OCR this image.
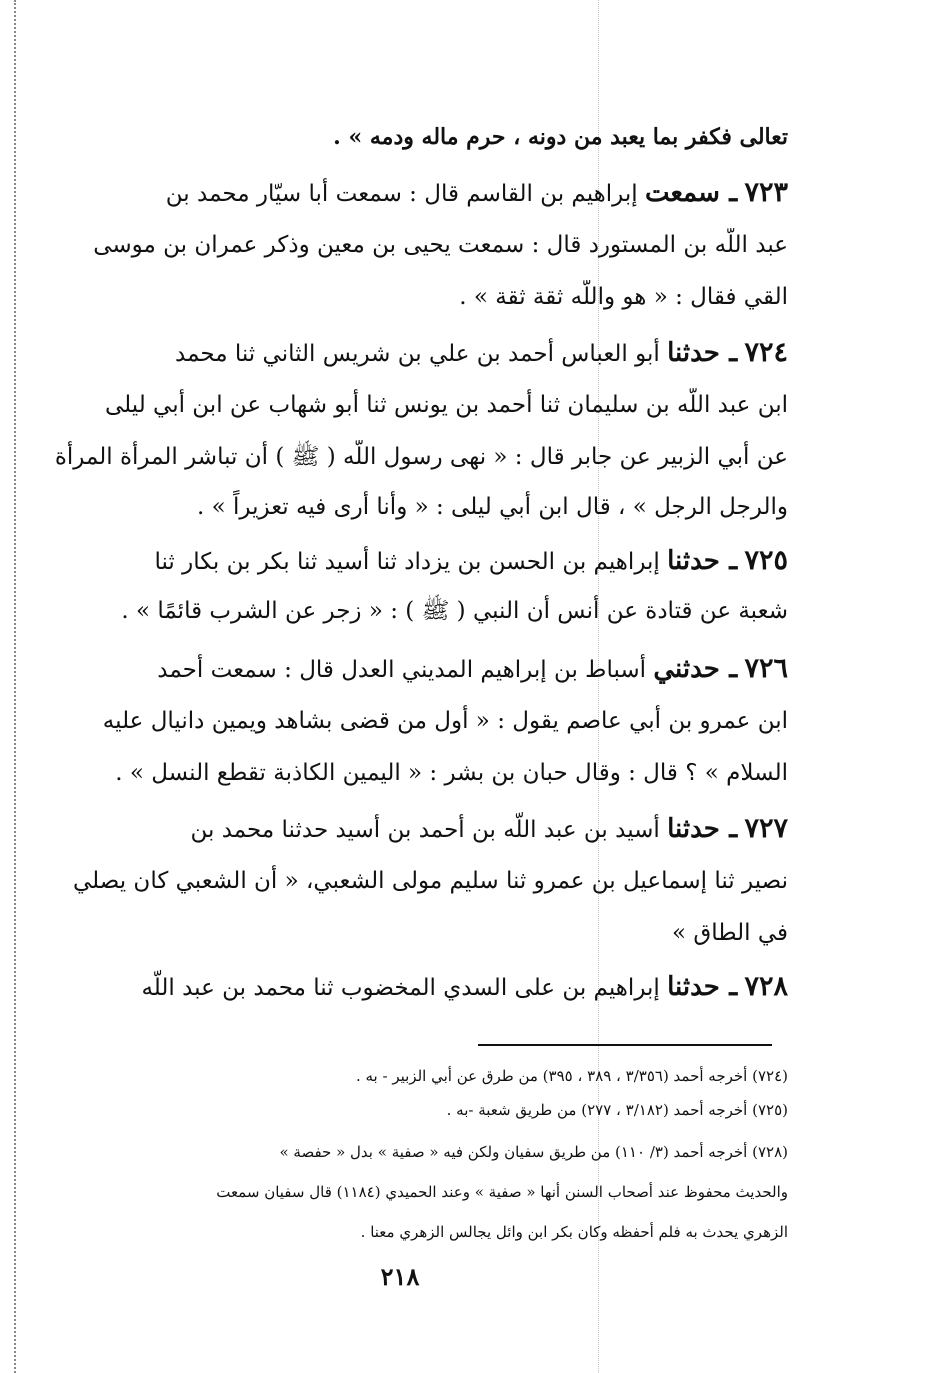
تعالى فكفر بما يعبد من دونه ، حرم ماله ودمه » .
٧٢٣ ـ سمعت إبراهيم بن القاسم قال : سمعت أبا سيّار محمد بن
عبد اللّه بن المستورد قال : سمعت يحيى بن معين وذكر عمران بن موسى
القي فقال : « هو واللّه ثقة ثقة » .
٧٢٤ ـ حدثنا أبو العباس أحمد بن علي بن شريس الثاني ثنا محمد
ابن عبد اللّه بن سليمان ثنا أحمد بن يونس ثنا أبو شهاب عن ابن أبي ليلى
عن أبي الزبير عن جابر قال : « نهى رسول اللّه ( ﷺ ) أن تباشر المرأة المرأة
والرجل الرجل » ، قال ابن أبي ليلى : « وأنا أرى فيه تعزيراً » .
٧٢٥ ـ حدثنا إبراهيم بن الحسن بن يزداد ثنا أسيد ثنا بكر بن بكار ثنا
شعبة عن قتادة عن أنس أن النبي ( ﷺ ) : « زجر عن الشرب قائمًا » .
٧٢٦ ـ حدثني أسباط بن إبراهيم المديني العدل قال : سمعت أحمد
ابن عمرو بن أبي عاصم يقول : « أول من قضى بشاهد ويمين دانيال عليه
السلام » ؟ قال : وقال حبان بن بشر : « اليمين الكاذبة تقطع النسل » .
٧٢٧ ـ حدثنا أسيد بن عبد اللّه بن أحمد بن أسيد حدثنا محمد بن
نصير ثنا إسماعيل بن عمرو ثنا سليم مولى الشعبي، « أن الشعبي كان يصلي
في الطاق »
٧٢٨ ـ حدثنا إبراهيم بن على السدي المخضوب ثنا محمد بن عبد اللّه
(٧٢٤) أخرجه أحمد (٣/٣٥٦ ، ٣٨٩ ، ٣٩٥) من طرق عن أبي الزبير - به .
(٧٢٥) أخرجه أحمد (٣/١٨٢ ، ٢٧٧) من طريق شعبة -به .
(٧٢٨) أخرجه أحمد (٣/ ١١٠) من طريق سفيان ولكن فيه « صفية » بدل « حفصة »
والحديث محفوظ عند أصحاب السنن أنها « صفية » وعند الحميدي (١١٨٤) قال سفيان سمعت
الزهري يحدث به فلم أحفظه وكان بكر ابن وائل يجالس الزهري معنا .
٢١٨
